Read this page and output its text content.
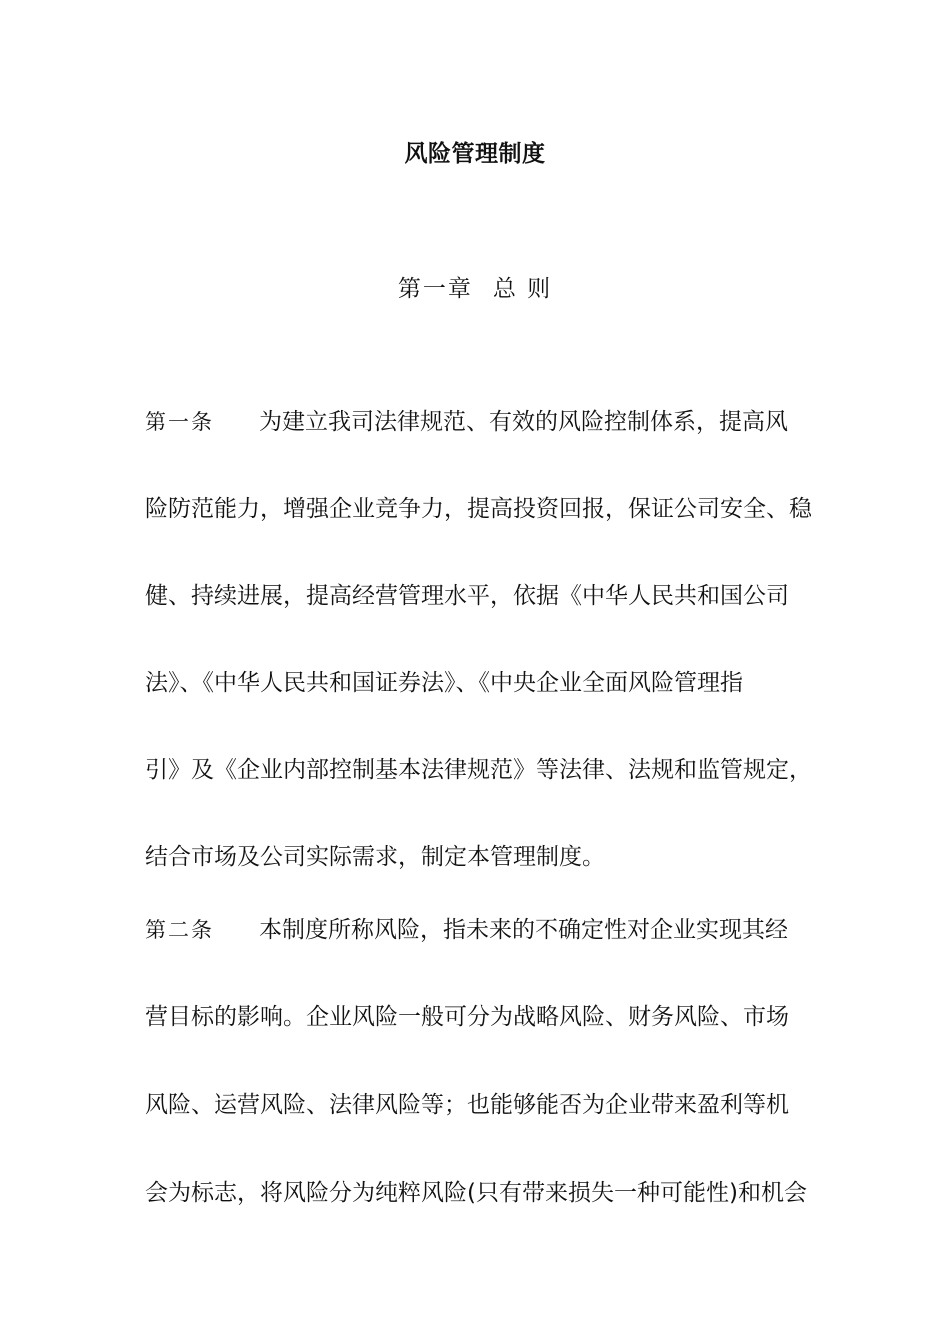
风险管理制度
第一章 总 则
第一条 为建立我司法律规范、有效的风险控制体系，提高风
险防范能力，增强企业竞争力，提高投资回报，保证公司安全、稳
健、持续进展，提高经营管理水平，依据《中华人民共和国公司
法》、《中华人民共和国证券法》、《中央企业全面风险管理指
引》及《企业内部控制基本法律规范》等法律、法规和监管规定，
结合市场及公司实际需求，制定本管理制度。
第二条 本制度所称风险，指未来的不确定性对企业实现其经
营目标的影响。企业风险一般可分为战略风险、财务风险、市场
风险、运营风险、法律风险等；也能够能否为企业带来盈利等机
会为标志，将风险分为纯粹风险(只有带来损失一种可能性)和机会
